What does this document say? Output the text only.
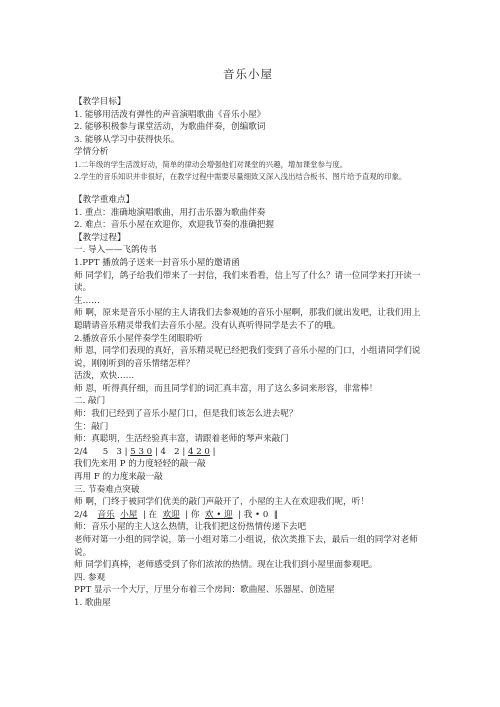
音乐小屋
【教学目标】
1. 能够用活泼有弹性的声音演唱歌曲《音乐小屋》
2. 能够积极参与课堂活动，为歌曲伴奏，创编歌词
3. 能够从学习中获得快乐。
学情分析
1.二年级的学生活泼好动，简单的律动会增强他们对课堂的兴趣，增加课堂参与度。
2.学生的音乐知识并非很好，在教学过程中需要尽量细致又深入浅出结合板书、图片给予直观的印象。
【教学重难点】
1. 重点：准确地演唱歌曲，用打击乐器为歌曲伴奏
2. 难点：音乐小屋在欢迎你，欢迎我节奏的准确把握
【教学过程】
一. 导入——飞鸽传书
1.PPT 播放鸽子送来一封音乐小屋的邀请函
师 同学们，鸽子给我们带来了一封信，我们来看看，信上写了什么？请一位同学来打开读一读。
生……
师 啊，原来是音乐小屋的主人请我们去参观她的音乐小屋啊，那我们就出发吧，让我们用上聪睛请音乐精灵带我们去音乐小屋。没有认真听得同学是去不了的哦。
2.播放音乐小屋伴奏学生闭眼聆听
师 恩，同学们表现的真好，音乐精灵呢已经把我们变到了音乐小屋的门口，小组请同学们说说，刚刚听到的音乐情绪怎样？
活泼，欢快……
师 恩，听得真仔细，而且同学们的词汇真丰富，用了这么多词来形容，非常棒！
二. 敲门
师：我们已经到了音乐小屋门口，但是我们该怎么进去呢？
生：敲门
师：真聪明，生活经验真丰富，请跟着老师的琴声来敲门
2/4 5 3 | 5 3 0 | 4 2 | 4 2 0 |
我们先来用 P 的力度轻轻的敲一敲
再用 F 的力度来敲一敲
三. 节奏难点突破
师 啊，门终于被同学们优美的敲门声敲开了，小屋的主人在欢迎我们呢，听！
2/4 音乐 小屋 | 在 欢迎 | 你 欢 • 迎 | 我 • 0 ‖
师：音乐小屋的主人这么热情，让我们把这份热情传递下去吧
老师对第一小组的同学说，第一小组对第二小组说，依次类推下去，最后一组的同学对老师说。
师 同学们真棒，老师感受到了你们浓浓的热情。现在让我们到小屋里面参观吧。
四. 参观
PPT 显示一个大厅，厅里分布着三个房间：歌曲屋、乐器屋、创造屋
1. 歌曲屋
